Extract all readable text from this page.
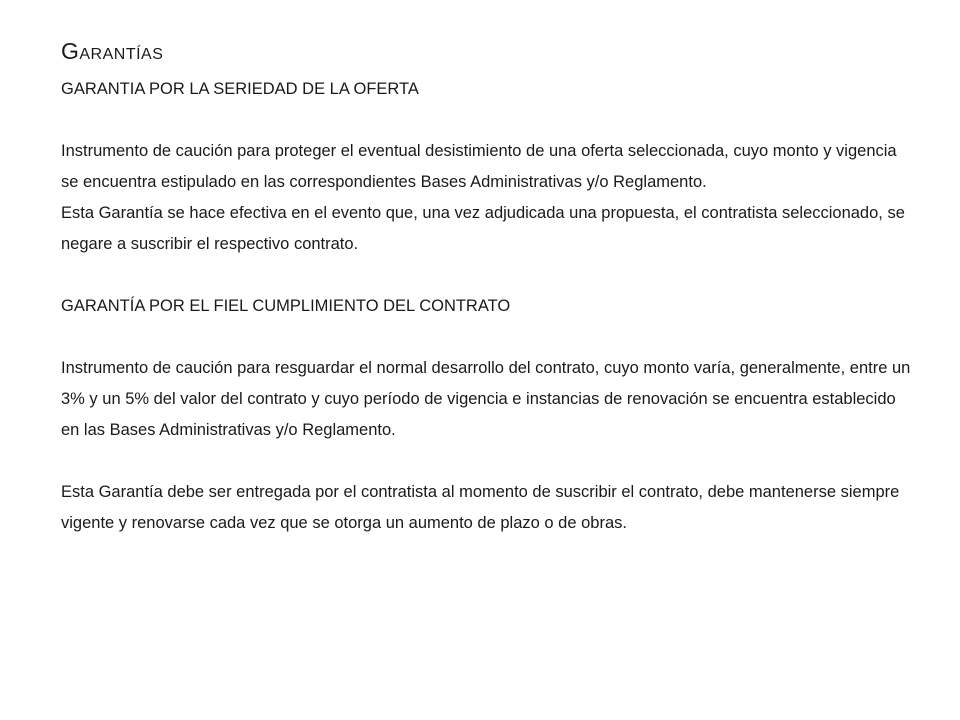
Garantías

GARANTIA POR LA SERIEDAD DE LA OFERTA

Instrumento de caución para proteger el eventual desistimiento de una oferta seleccionada, cuyo monto y vigencia se encuentra estipulado en las correspondientes Bases Administrativas y/o Reglamento.

Esta Garantía se hace efectiva en el evento que, una vez adjudicada una propuesta, el contratista seleccionado, se negare a suscribir el respectivo contrato.

GARANTÍA POR EL FIEL CUMPLIMIENTO DEL CONTRATO

Instrumento de caución para resguardar el normal desarrollo del contrato, cuyo monto varía, generalmente, entre un 3% y un 5% del valor del contrato y cuyo período de vigencia e instancias de renovación se encuentra establecido en las Bases Administrativas y/o Reglamento.

Esta Garantía debe ser entregada por el contratista al momento de suscribir el contrato, debe mantenerse siempre vigente y renovarse cada vez que se otorga un aumento de plazo o de obras.
